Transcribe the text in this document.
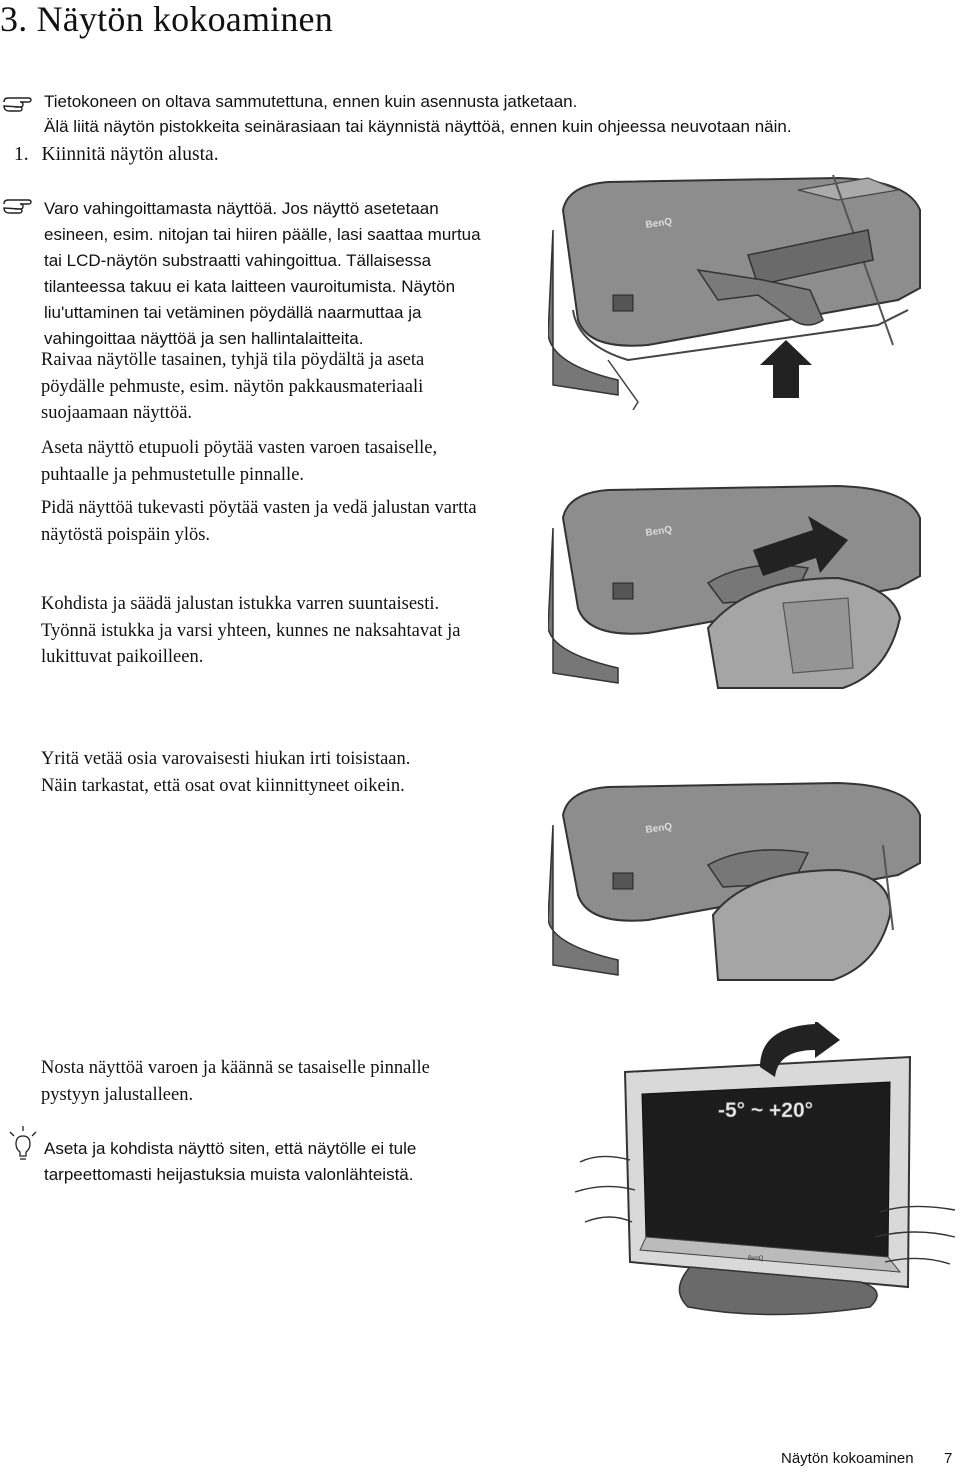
3. Näytön kokoaminen
Tietokoneen on oltava sammutettuna, ennen kuin asennusta jatketaan.
Älä liitä näytön pistokkeita seinärasiaan tai käynnistä näyttöä, ennen kuin ohjeessa neuvotaan näin.
1. Kiinnitä näytön alusta.

Varo vahingoittamasta näyttöä. Jos näyttö asetetaan

esineen, esim. nitojan tai hiiren päälle, lasi saattaa murtua

tai LCD-näytön substraatti vahingoittua. Tällaisessa

tilanteessa takuu ei kata laitteen vauroitumista. Näytön

liu'uttaminen tai vetäminen pöydällä naarmuttaa ja

vahingoittaa näyttöä ja sen hallintalaitteita.

Raivaa näytölle tasainen, tyhjä tila pöydältä ja aseta

pöydälle pehmuste, esim. näytön pakkausmateriaali

suojaamaan näyttöä.

Aseta näyttö etupuoli pöytää vasten varoen tasaiselle,

puhtaalle ja pehmustetulle pinnalle.

Pidä näyttöä tukevasti pöytää vasten ja vedä jalustan vartta

näytöstä poispäin ylös.

Kohdista ja säädä jalustan istukka varren suuntaisesti.

Työnnä istukka ja varsi yhteen, kunnes ne naksahtavat ja

lukittuvat paikoilleen.

Yritä vetää osia varovaisesti hiukan irti toisistaan.

Näin tarkastat, että osat ovat kiinnittyneet oikein.

Nosta näyttöä varoen ja käännä se tasaiselle pinnalle

pystyyn jalustalleen.

Aseta ja kohdista näyttö siten, että näytölle ei tule

tarpeettomasti heijastuksia muista valonlähteistä.

BenQ
BenQ
BenQ
BenQ
-5° ~ +20°
Näytön kokoaminen 7
